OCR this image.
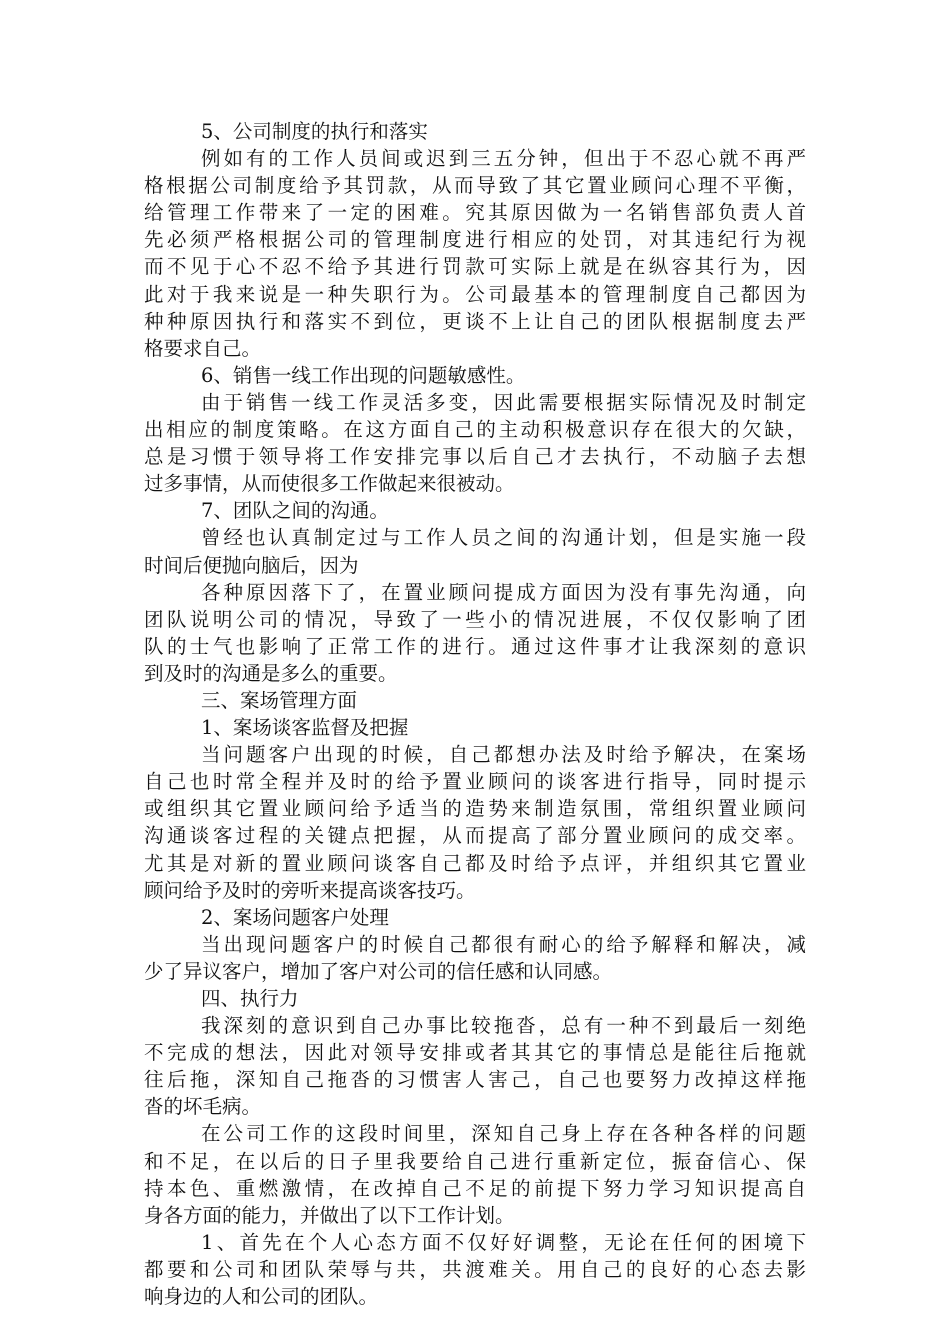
5、公司制度的执行和落实
例如有的工作人员间或迟到三五分钟，但出于不忍心就不再严
格根据公司制度给予其罚款，从而导致了其它置业顾问心理不平衡，
给管理工作带来了一定的困难。究其原因做为一名销售部负责人首
先必须严格根据公司的管理制度进行相应的处罚，对其违纪行为视
而不见于心不忍不给予其进行罚款可实际上就是在纵容其行为，因
此对于我来说是一种失职行为。公司最基本的管理制度自己都因为
种种原因执行和落实不到位，更谈不上让自己的团队根据制度去严
格要求自己。
6、销售一线工作出现的问题敏感性。
由于销售一线工作灵活多变，因此需要根据实际情况及时制定
出相应的制度策略。在这方面自己的主动积极意识存在很大的欠缺，
总是习惯于领导将工作安排完事以后自己才去执行，不动脑子去想
过多事情，从而使很多工作做起来很被动。
7、团队之间的沟通。
曾经也认真制定过与工作人员之间的沟通计划，但是实施一段
时间后便抛向脑后，因为
各种原因落下了，在置业顾问提成方面因为没有事先沟通，向
团队说明公司的情况，导致了一些小的情况进展，不仅仅影响了团
队的士气也影响了正常工作的进行。通过这件事才让我深刻的意识
到及时的沟通是多么的重要。
三、案场管理方面
1、案场谈客监督及把握
当问题客户出现的时候，自己都想办法及时给予解决，在案场
自己也时常全程并及时的给予置业顾问的谈客进行指导，同时提示
或组织其它置业顾问给予适当的造势来制造氛围，常组织置业顾问
沟通谈客过程的关键点把握，从而提高了部分置业顾问的成交率。
尤其是对新的置业顾问谈客自己都及时给予点评，并组织其它置业
顾问给予及时的旁听来提高谈客技巧。
2、案场问题客户处理
当出现问题客户的时候自己都很有耐心的给予解释和解决，减
少了异议客户，增加了客户对公司的信任感和认同感。
四、执行力
我深刻的意识到自己办事比较拖沓，总有一种不到最后一刻绝
不完成的想法，因此对领导安排或者其其它的事情总是能往后拖就
往后拖，深知自己拖沓的习惯害人害己，自己也要努力改掉这样拖
沓的坏毛病。
在公司工作的这段时间里，深知自己身上存在各种各样的问题
和不足，在以后的日子里我要给自己进行重新定位，振奋信心、保
持本色、重燃激情，在改掉自己不足的前提下努力学习知识提高自
身各方面的能力，并做出了以下工作计划。
1、首先在个人心态方面不仅好好调整，无论在任何的困境下
都要和公司和团队荣辱与共，共渡难关。用自己的良好的心态去影
响身边的人和公司的团队。
